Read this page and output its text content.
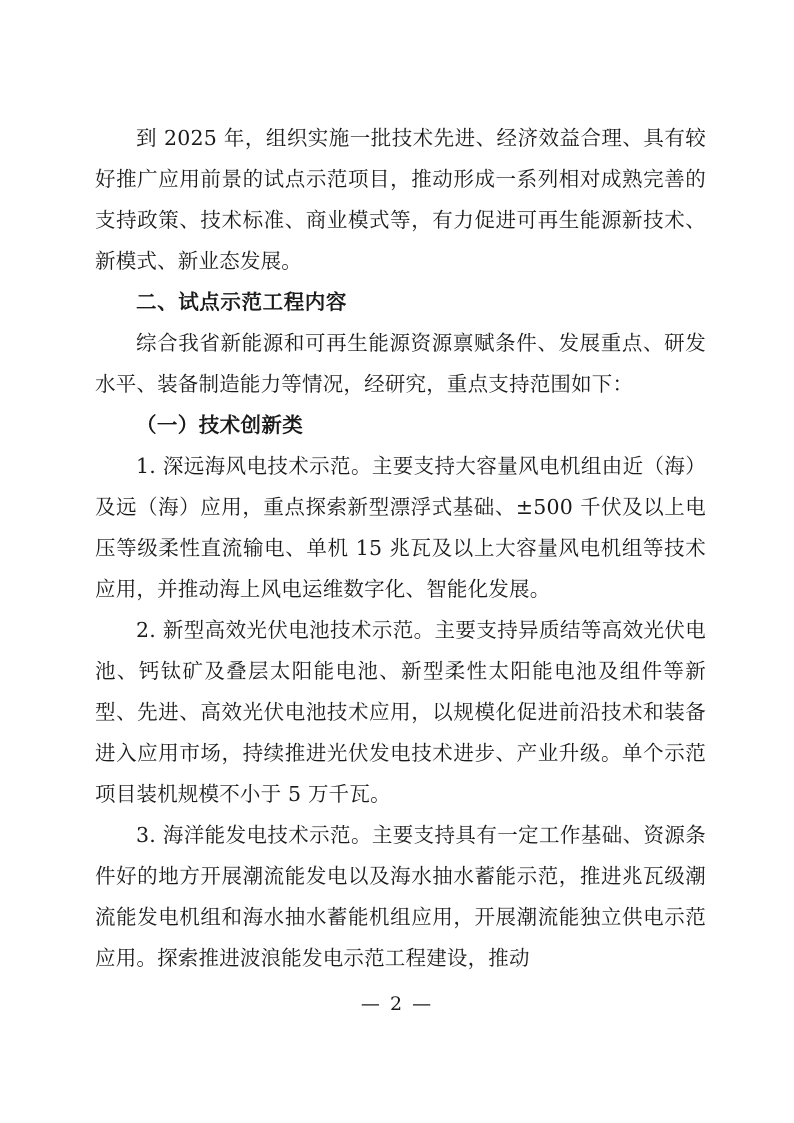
到 2025 年，组织实施一批技术先进、经济效益合理、具有较好推广应用前景的试点示范项目，推动形成一系列相对成熟完善的支持政策、技术标准、商业模式等，有力促进可再生能源新技术、新模式、新业态发展。

二、试点示范工程内容

综合我省新能源和可再生能源资源禀赋条件、发展重点、研发水平、装备制造能力等情况，经研究，重点支持范围如下：

（一）技术创新类

1. 深远海风电技术示范。主要支持大容量风电机组由近（海）及远（海）应用，重点探索新型漂浮式基础、±500 千伏及以上电压等级柔性直流输电、单机 15 兆瓦及以上大容量风电机组等技术应用，并推动海上风电运维数字化、智能化发展。

2. 新型高效光伏电池技术示范。主要支持异质结等高效光伏电池、钙钛矿及叠层太阳能电池、新型柔性太阳能电池及组件等新型、先进、高效光伏电池技术应用，以规模化促进前沿技术和装备进入应用市场，持续推进光伏发电技术进步、产业升级。单个示范项目装机规模不小于 5 万千瓦。

3. 海洋能发电技术示范。主要支持具有一定工作基础、资源条件好的地方开展潮流能发电以及海水抽水蓄能示范，推进兆瓦级潮流能发电机组和海水抽水蓄能机组应用，开展潮流能独立供电示范应用。探索推进波浪能发电示范工程建设，推动

— 2 —
